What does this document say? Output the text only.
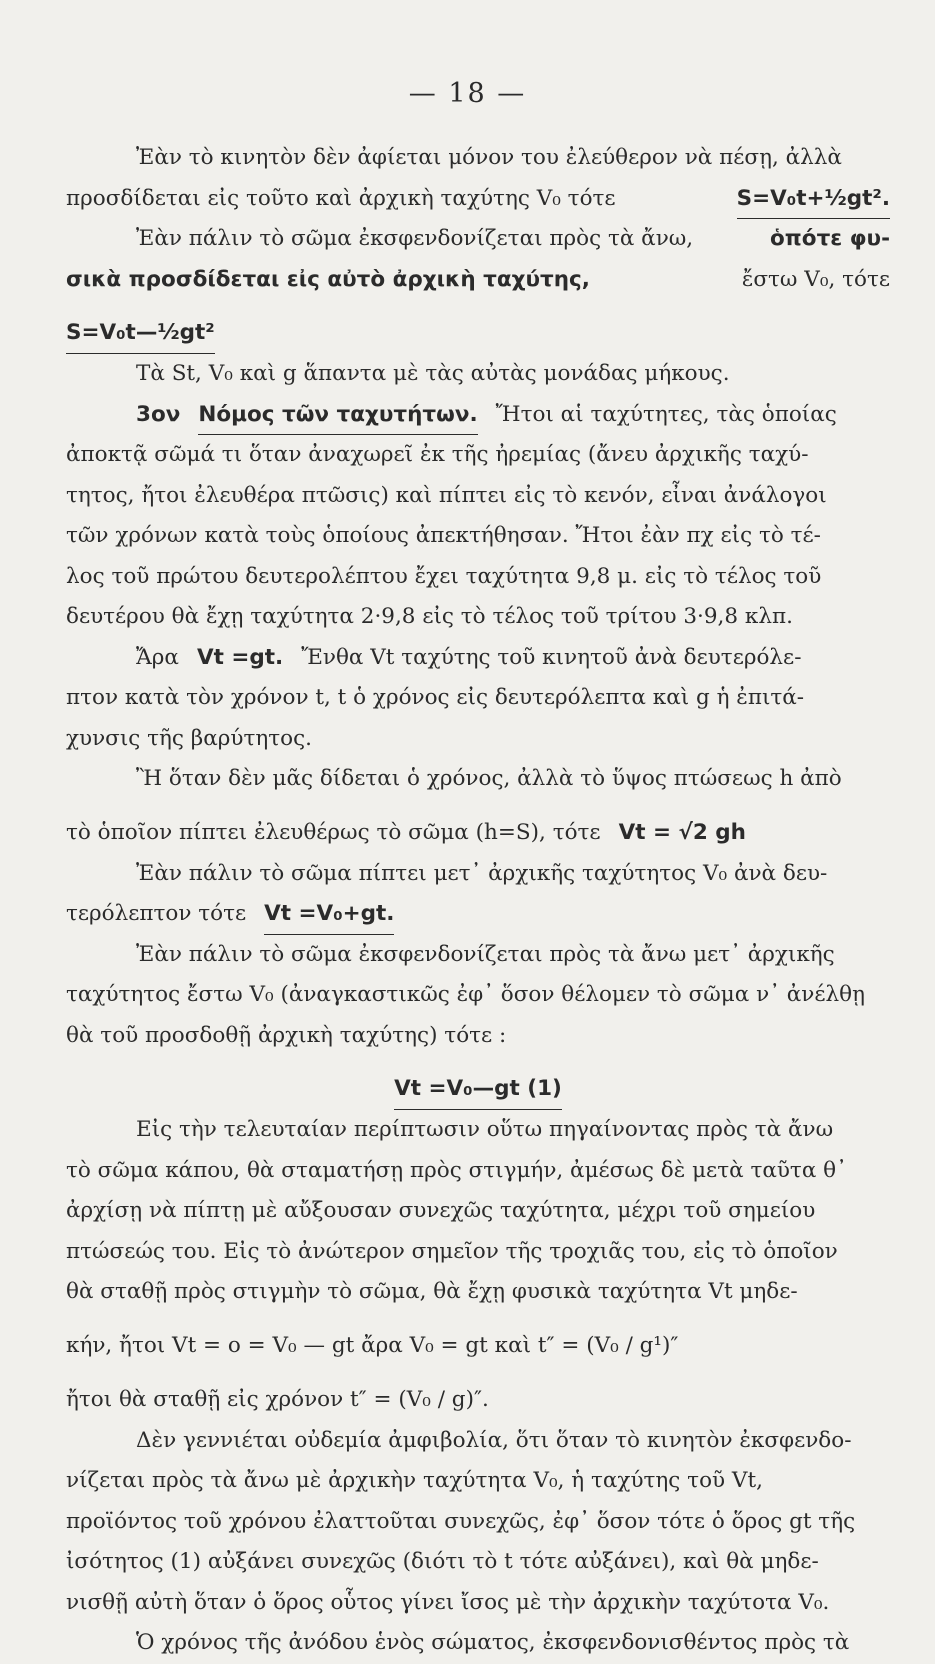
— 18 —
Ἐὰν τὸ κινητὸν δὲν ἀφίεται μόνον του ἐλεύθερον νὰ πέσῃ, ἀλλὰ
προσδίδεται εἰς τοῦτο καὶ ἀρχικὴ ταχύτης V₀ τότε	S=V₀t+½gt².
Ἐὰν πάλιν τὸ σῶμα ἐκσφενδονίζεται πρὸς τὰ ἄνω,	ὁπότε φυ-
σικὰ προσδίδεται εἰς αὐτὸ ἀρχικὴ ταχύτης,	ἔστω V₀, τότε
S=V₀t—½gt²
Τὰ St, V₀ καὶ g ἅπαντα μὲ τὰς αὐτὰς μονάδας μήκους.
3ον Νόμος τῶν ταχυτήτων. Ἤτοι αἱ ταχύτητες, τὰς ὁποίας
ἀποκτᾷ σῶμά τι ὅταν ἀναχωρεῖ ἐκ τῆς ἠρεμίας (ἄνευ ἀρχικῆς ταχύ-
τητος, ἤτοι ἐλευθέρα πτῶσις) καὶ πίπτει εἰς τὸ κενόν, εἶναι ἀνάλογοι
τῶν χρόνων κατὰ τοὺς ὁποίους ἀπεκτήθησαν. Ἤτοι ἐὰν πχ εἰς τὸ τέ-
λος τοῦ πρώτου δευτερολέπτου ἔχει ταχύτητα 9,8 μ. εἰς τὸ τέλος τοῦ
δευτέρου θὰ ἔχῃ ταχύτητα 2·9,8 εἰς τὸ τέλος τοῦ τρίτου 3·9,8 κλπ.
Ἄρα Vt =gt. Ἔνθα Vt ταχύτης τοῦ κινητοῦ ἀνὰ δευτερόλε-
πτον κατὰ τὸν χρόνον t, t ὁ χρόνος εἰς δευτερόλεπτα καὶ g ἡ ἐπιτά-
χυνσις τῆς βαρύτητος.
Ἢ ὅταν δὲν μᾶς δίδεται ὁ χρόνος, ἀλλὰ τὸ ὕψος πτώσεως h ἀπὸ
τὸ ὁποῖον πίπτει ἐλευθέρως τὸ σῶμα (h=S), τότε Vt = √2 gh
Ἐὰν πάλιν τὸ σῶμα πίπτει μετ᾽ ἀρχικῆς ταχύτητος V₀ ἀνὰ δευ-
τερόλεπτον τότε Vt =V₀+gt.
Ἐὰν πάλιν τὸ σῶμα ἐκσφενδονίζεται πρὸς τὰ ἄνω μετ᾽ ἀρχικῆς
ταχύτητος ἔστω V₀ (ἀναγκαστικῶς ἐφ᾽ ὅσον θέλομεν τὸ σῶμα ν᾽ ἀνέλθῃ
θὰ τοῦ προσδοθῇ ἀρχικὴ ταχύτης) τότε :
Vt =V₀—gt (1)
Εἰς τὴν τελευταίαν περίπτωσιν οὕτω πηγαίνοντας πρὸς τὰ ἄνω
τὸ σῶμα κάπου, θὰ σταματήσῃ πρὸς στιγμήν, ἀμέσως δὲ μετὰ ταῦτα θ᾽
ἀρχίσῃ νὰ πίπτῃ μὲ αὔξουσαν συνεχῶς ταχύτητα, μέχρι τοῦ σημείου
πτώσεώς του. Εἰς τὸ ἀνώτερον σημεῖον τῆς τροχιᾶς του, εἰς τὸ ὁποῖον
θὰ σταθῇ πρὸς στιγμὴν τὸ σῶμα, θὰ ἔχῃ φυσικὰ ταχύτητα Vt μηδε-
κήν, ἤτοι Vt = o = V₀ — gt ἄρα V₀ = gt καὶ t″ = (V₀ / g¹)″
ἤτοι θὰ σταθῇ εἰς χρόνον t″ = (V₀ / g)″.
Δὲν γεννιέται οὐδεμία ἀμφιβολία, ὅτι ὅταν τὸ κινητὸν ἐκσφενδο-
νίζεται πρὸς τὰ ἄνω μὲ ἀρχικὴν ταχύτητα V₀, ἡ ταχύτης τοῦ Vt,
προϊόντος τοῦ χρόνου ἐλαττοῦται συνεχῶς, ἐφ᾽ ὅσον τότε ὁ ὅρος gt τῆς
ἰσότητος (1) αὐξάνει συνεχῶς (διότι τὸ t τότε αὐξάνει), καὶ θὰ μηδε-
νισθῇ αὐτὴ ὅταν ὁ ὅρος οὗτος γίνει ἴσος μὲ τὴν ἀρχικὴν ταχύτοτα V₀.
Ὁ χρόνος τῆς ἀνόδου ἑνὸς σώματος, ἐκσφενδονισθέντος πρὸς τὰ
